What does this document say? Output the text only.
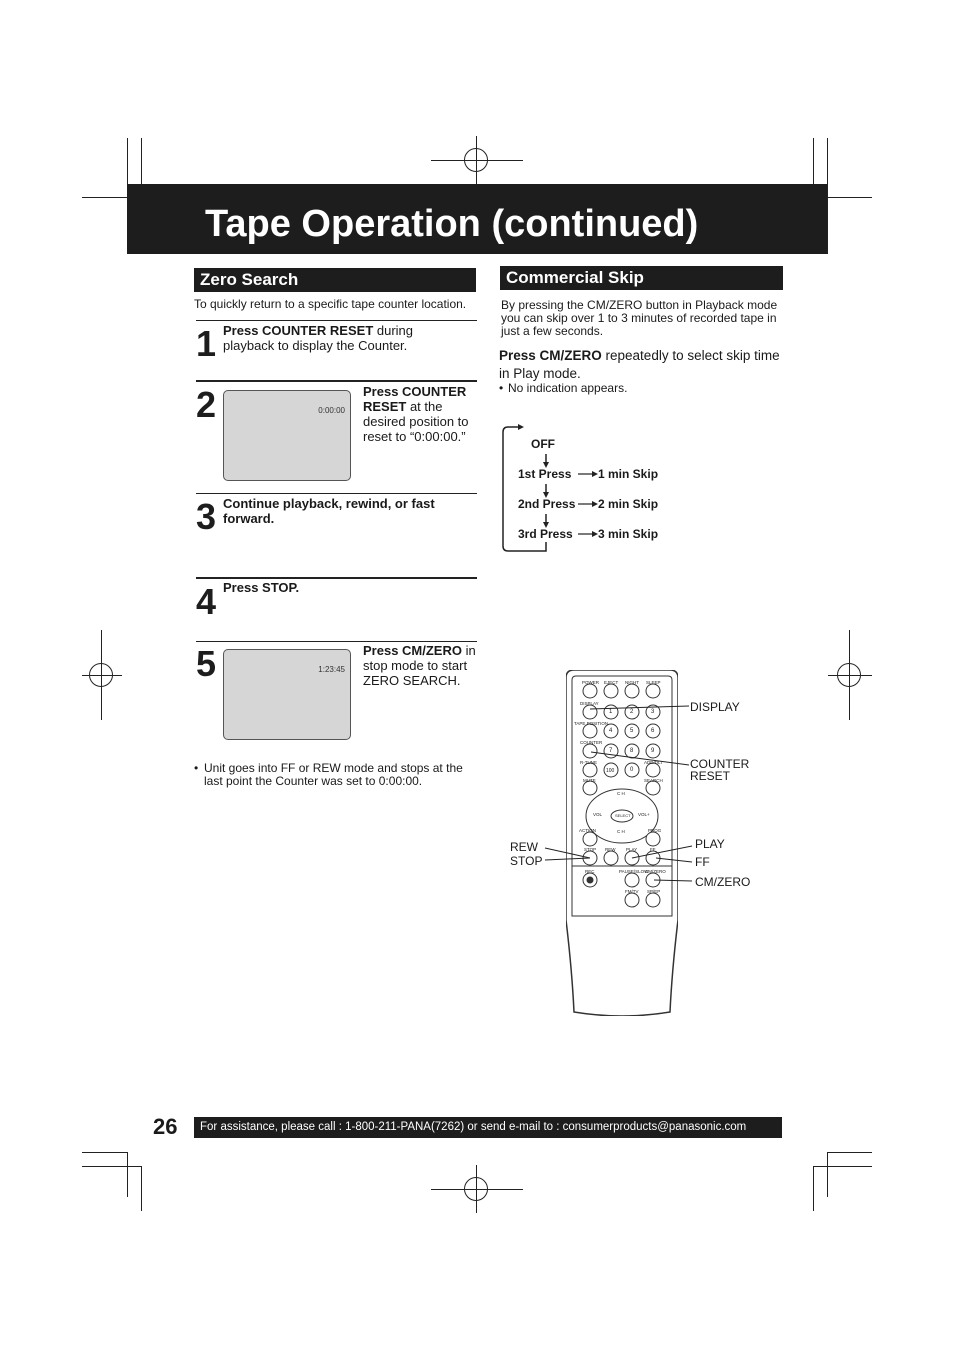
Tape Operation (continued)
Zero Search
To quickly return to a specific tape counter location.
1 Press COUNTER RESET during playback to display the Counter.
2	0:00:00
Press COUNTER RESET at the desired position to reset to “0:00:00.”
3 Continue playback, rewind, or fast forward.
4 Press STOP.
5	1:23:45
Press CM/ZERO in stop mode to start ZERO SEARCH.
• Unit goes into FF or REW mode and stops at the last point the Counter was set to 0:00:00.
Commercial Skip
By pressing the CM/ZERO button in Playback mode you can skip over 1 to 3 minutes of recorded tape in just a few seconds.
Press CM/ZERO repeatedly to select skip time in Play mode.
• No indication appears.
OFF
1st Press 1 min Skip
2nd Press 2 min Skip
3rd Press 3 min Skip
POWER EJECT NIGHT SLEEP
DISPLAY
TAPE POSITION
COUNTER
R-TUNE	ADD/DLT
100
MUTE	SEARCH
C H
VOL	VOL+
SELECT
C H
ACTION	PROG
STOP REW PLAY	FF
REC	PAUSE/SLOW
CM/ZERO
FM/TV SP/EP
1	2	3
4	5	6
7	8	9
0
DISPLAY
COUNTER
RESET
PLAY
FF
CM/ZERO
REW
STOP
26	For assistance, please call : 1-800-211-PANA(7262) or send e-mail to : consumerproducts@panasonic.com
